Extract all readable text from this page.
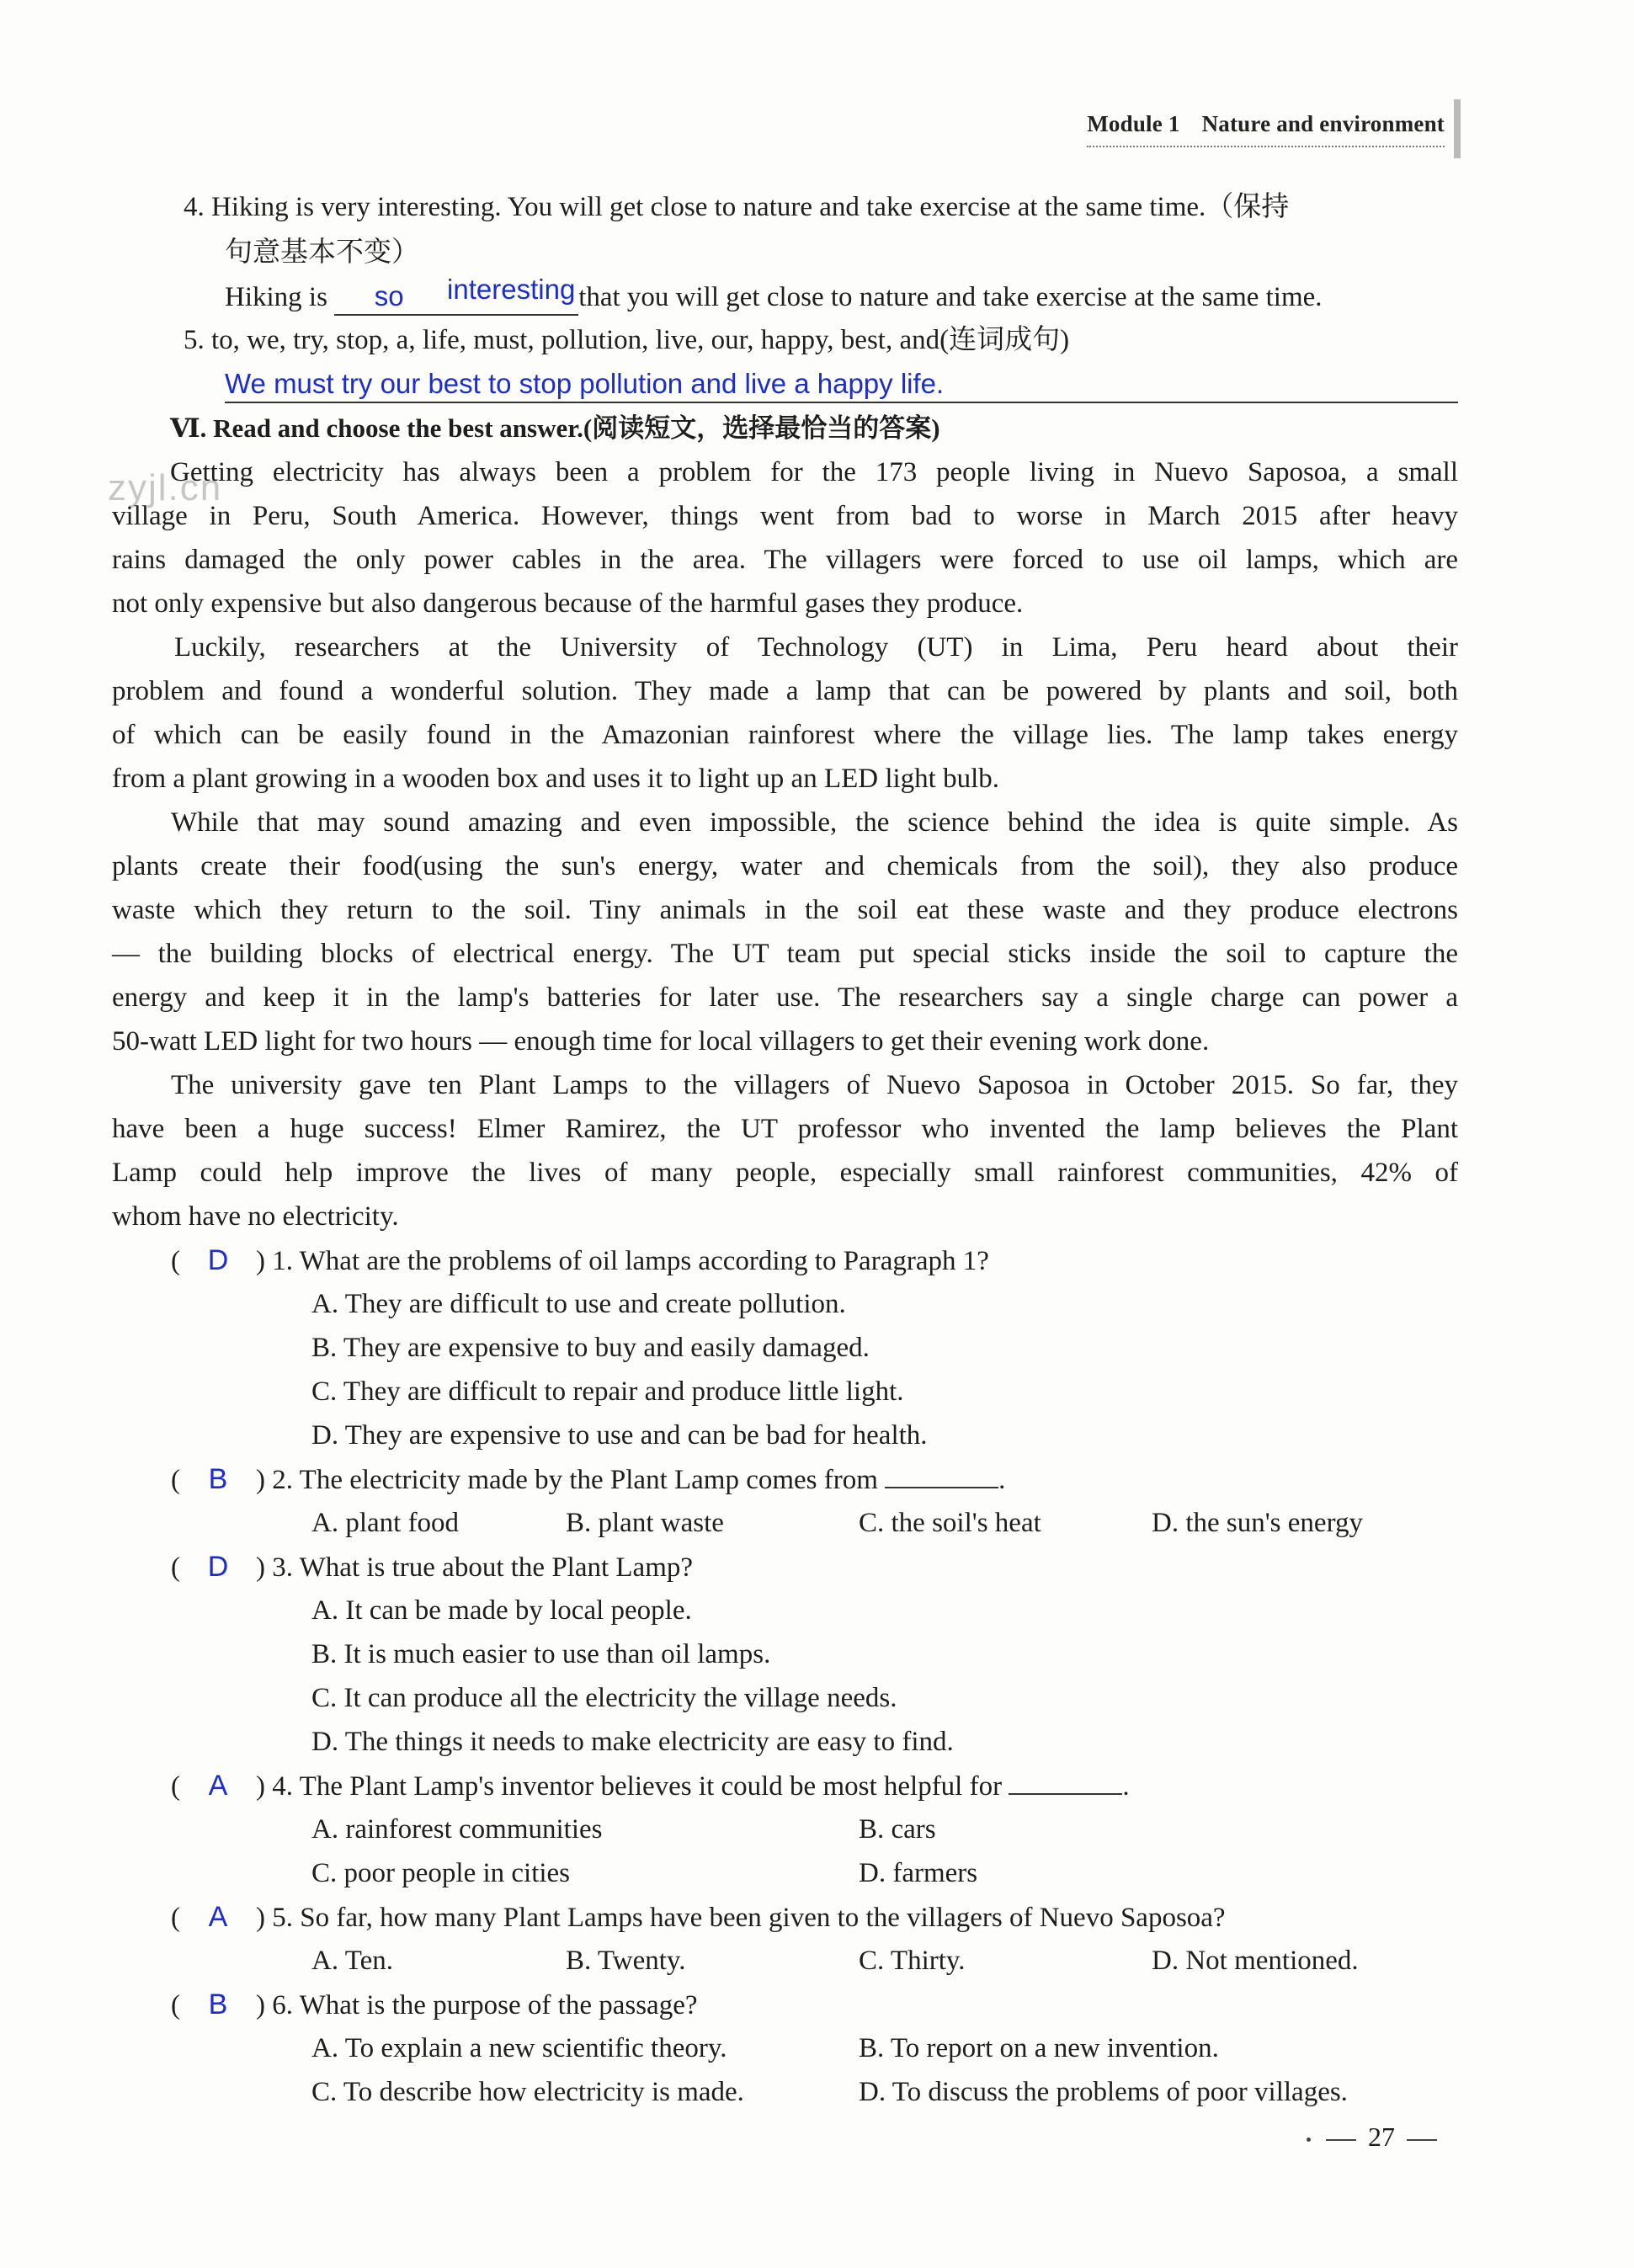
Module 1 Nature and environment
4. Hiking is very interesting. You will get close to nature and take exercise at the same time.（保持
句意基本不变）
Hiking is so interesting that you will get close to nature and take exercise at the same time.
5. to, we, try, stop, a, life, must, pollution, live, our, happy, best, and(连词成句)
We must try our best to stop pollution and live a happy life.
Ⅵ. Read and choose the best answer.(阅读短文，选择最恰当的答案)
zyjl.cn
Getting electricity has always been a problem for the 173 people living in Nuevo Saposoa, a small
village in Peru, South America. However, things went from bad to worse in March 2015 after heavy
rains damaged the only power cables in the area. The villagers were forced to use oil lamps, which are
not only expensive but also dangerous because of the harmful gases they produce.
Luckily, researchers at the University of Technology (UT) in Lima, Peru heard about their
problem and found a wonderful solution. They made a lamp that can be powered by plants and soil, both
of which can be easily found in the Amazonian rainforest where the village lies. The lamp takes energy
from a plant growing in a wooden box and uses it to light up an LED light bulb.
While that may sound amazing and even impossible, the science behind the idea is quite simple. As
plants create their food(using the sun's energy, water and chemicals from the soil), they also produce
waste which they return to the soil. Tiny animals in the soil eat these waste and they produce electrons
— the building blocks of electrical energy. The UT team put special sticks inside the soil to capture the
energy and keep it in the lamp's batteries for later use. The researchers say a single charge can power a
50-watt LED light for two hours — enough time for local villagers to get their evening work done.
The university gave ten Plant Lamps to the villagers of Nuevo Saposoa in October 2015. So far, they
have been a huge success! Elmer Ramirez, the UT professor who invented the lamp believes the Plant
Lamp could help improve the lives of many people, especially small rainforest communities, 42% of
whom have no electricity.
( D ) 1. What are the problems of oil lamps according to Paragraph 1?
A. They are difficult to use and create pollution.
B. They are expensive to buy and easily damaged.
C. They are difficult to repair and produce little light.
D. They are expensive to use and can be bad for health.
( B ) 2. The electricity made by the Plant Lamp comes from	.
A. plant food	B. plant waste	C. the soil's heat	D. the sun's energy
( D ) 3. What is true about the Plant Lamp?
A. It can be made by local people.
B. It is much easier to use than oil lamps.
C. It can produce all the electricity the village needs.
D. The things it needs to make electricity are easy to find.
( A ) 4. The Plant Lamp's inventor believes it could be most helpful for	.
A. rainforest communities	B. cars
C. poor people in cities	D. farmers
( A ) 5. So far, how many Plant Lamps have been given to the villagers of Nuevo Saposoa?
A. Ten.	B. Twenty.	C. Thirty.	D. Not mentioned.
( B ) 6. What is the purpose of the passage?
A. To explain a new scientific theory.	B. To report on a new invention.
C. To describe how electricity is made.	D. To discuss the problems of poor villages.
27
